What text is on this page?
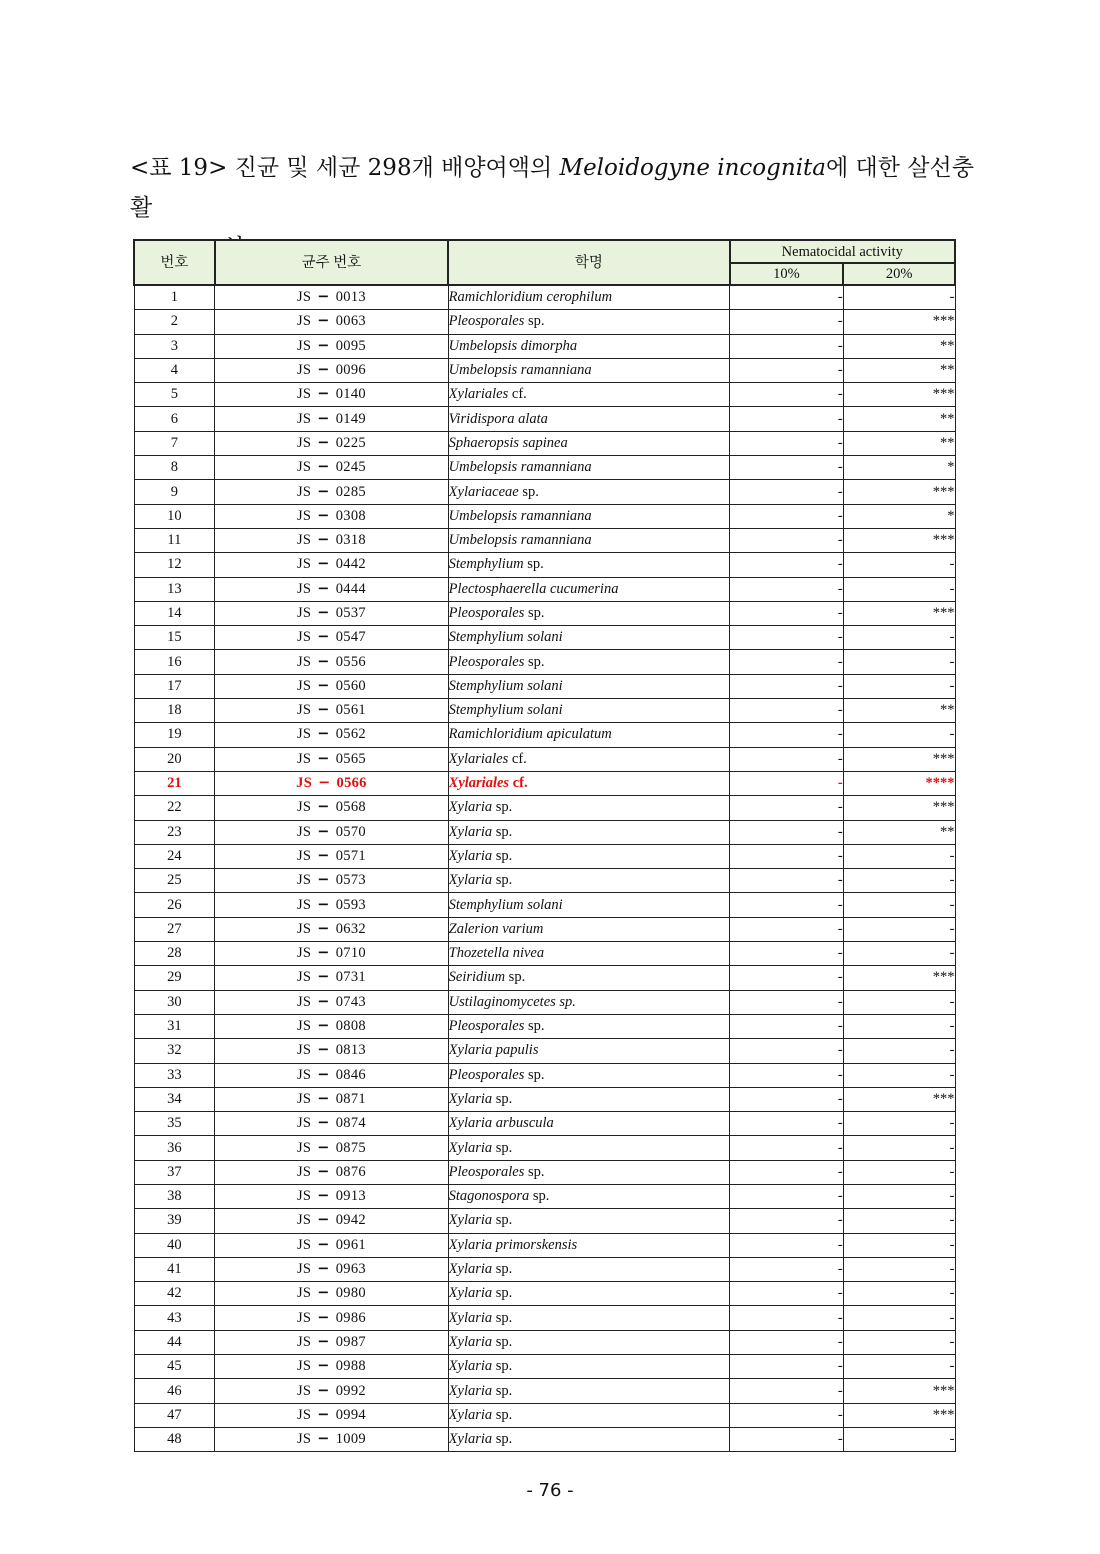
<표 19> 진균 및 세균 298개 배양여액의 Meloidogyne incognita에 대한 살선충활
번호	균주 번호	학명	Nematocidal activity	
			10%	20%
1	JS − 0013	Ramichloridium cerophilum	-	-
2	JS − 0063	Pleosporales sp.	-	***
3	JS − 0095	Umbelopsis dimorpha	-	**
4	JS − 0096	Umbelopsis ramanniana	-	**
5	JS − 0140	Xylariales cf.	-	***
6	JS − 0149	Viridispora alata	-	**
7	JS − 0225	Sphaeropsis sapinea	-	**
8	JS − 0245	Umbelopsis ramanniana	-	*
9	JS − 0285	Xylariaceae sp.	-	***
10	JS − 0308	Umbelopsis ramanniana	-	*
11	JS − 0318	Umbelopsis ramanniana	-	***
12	JS − 0442	Stemphylium sp.	-	-
13	JS − 0444	Plectosphaerella cucumerina	-	-
14	JS − 0537	Pleosporales sp.	-	***
15	JS − 0547	Stemphylium solani	-	-
16	JS − 0556	Pleosporales sp.	-	-
17	JS − 0560	Stemphylium solani	-	-
18	JS − 0561	Stemphylium solani	-	**
19	JS − 0562	Ramichloridium apiculatum	-	-
20	JS − 0565	Xylariales cf.	-	***
21	JS − 0566	Xylariales cf.	-	****
22	JS − 0568	Xylaria sp.	-	***
23	JS − 0570	Xylaria sp.	-	**
24	JS − 0571	Xylaria sp.	-	-
25	JS − 0573	Xylaria sp.	-	-
26	JS − 0593	Stemphylium solani	-	-
27	JS − 0632	Zalerion varium	-	-
28	JS − 0710	Thozetella nivea	-	-
29	JS − 0731	Seiridium sp.	-	***
30	JS − 0743	Ustilaginomycetes sp.	-	-
31	JS − 0808	Pleosporales sp.	-	-
32	JS − 0813	Xylaria papulis	-	-
33	JS − 0846	Pleosporales sp.	-	-
34	JS − 0871	Xylaria sp.	-	***
35	JS − 0874	Xylaria arbuscula	-	-
36	JS − 0875	Xylaria sp.	-	-
37	JS − 0876	Pleosporales sp.	-	-
38	JS − 0913	Stagonospora sp.	-	-
39	JS − 0942	Xylaria sp.	-	-
40	JS − 0961	Xylaria primorskensis	-	-
41	JS − 0963	Xylaria sp.	-	-
42	JS − 0980	Xylaria sp.	-	-
43	JS − 0986	Xylaria sp.	-	-
44	JS − 0987	Xylaria sp.	-	-
45	JS − 0988	Xylaria sp.	-	-
46	JS − 0992	Xylaria sp.	-	***
47	JS − 0994	Xylaria sp.	-	***
48	JS − 1009	Xylaria sp.	-	-
- 76 -
